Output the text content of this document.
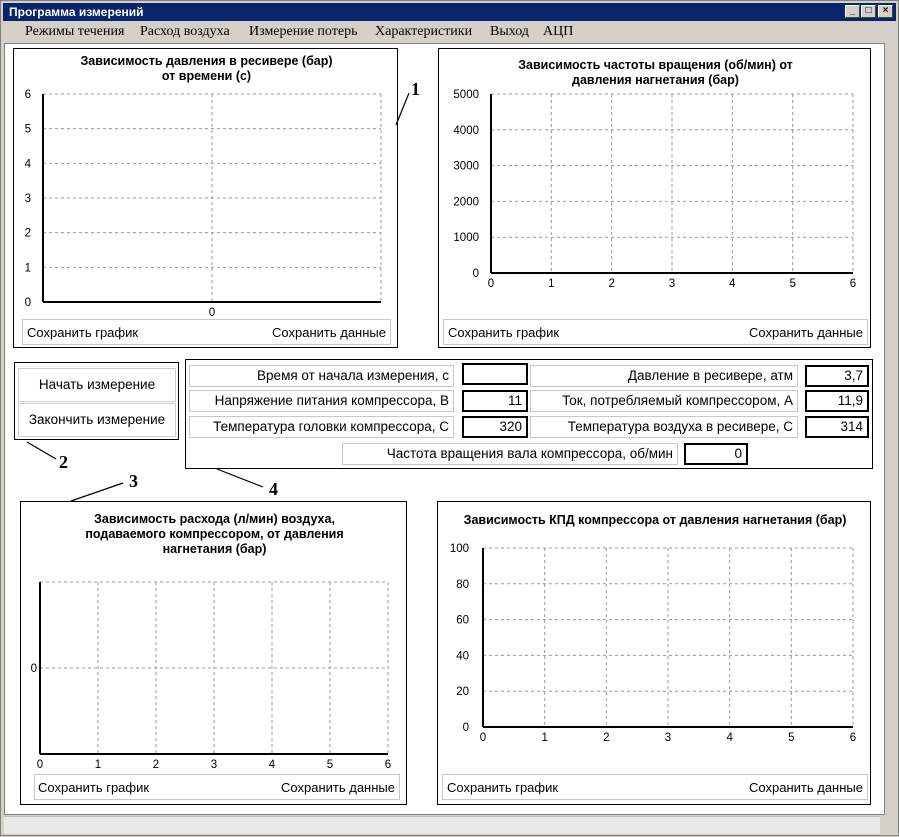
Программа измерений	_	□	×
Режимы течения Расход воздуха Измерение потерь Характеристики Выход АЦП
Зависимость давления в ресивере (бар)
от времени (с)
0
1
2
3
4
5
6
0
Сохранить график	Сохранить данные
Зависимость частоты вращения (об/мин) от
давления нагнетания (бар)
0
1000
2000
3000
4000
5000
0	1	2	3	4	5	6
Сохранить график	Сохранить данные
Начать измерение
Закончить измерение
Время от начала измерения, с
Напряжение питания компрессора, В	11
Температура головки компрессора, С	320
Давление в ресивере, атм	3,7
Ток, потребляемый компрессором, А	11,9
Температура воздуха в ресивере, С	314
Частота вращения вала компрессора, об/мин	0
Зависимость расхода (л/мин) воздуха,
подаваемого компрессором, от давления
нагнетания (бар)
0
0	1	2	3	4	5	6
Сохранить график	Сохранить данные
Зависимость КПД компрессора от давления нагнетания (бар)
0
20
40
60
80
100
0	1	2	3	4	5	6
Сохранить график	Сохранить данные
1
2
3	4
